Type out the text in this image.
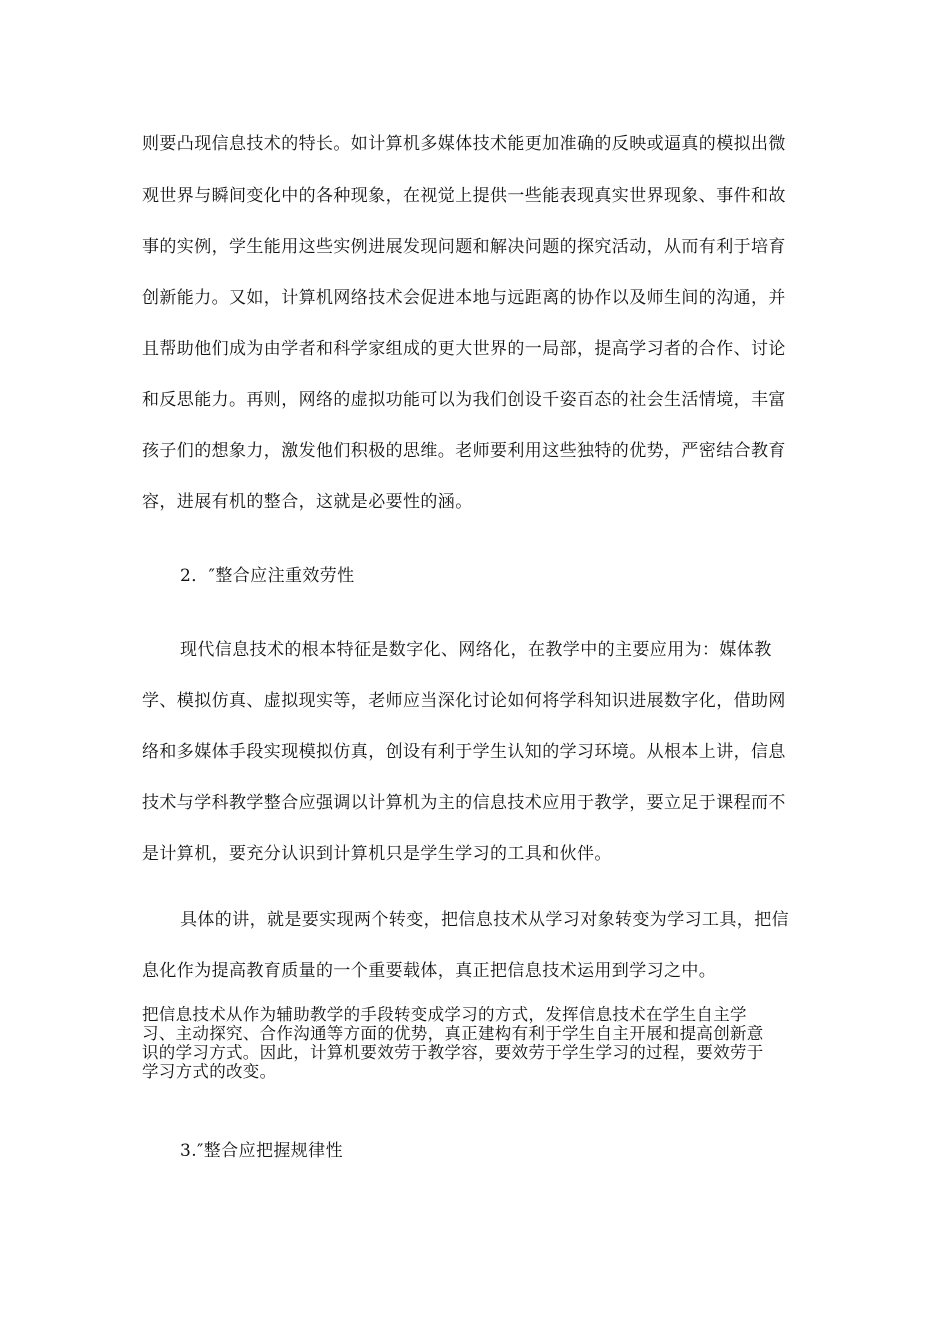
则要凸现信息技术的特长。如计算机多媒体技术能更加准确的反映或逼真的模拟出微
观世界与瞬间变化中的各种现象，在视觉上提供一些能表现真实世界现象、事件和故
事的实例，学生能用这些实例进展发现问题和解决问题的探究活动，从而有利于培育
创新能力。又如，计算机网络技术会促进本地与远距离的协作以及师生间的沟通，并
且帮助他们成为由学者和科学家组成的更大世界的一局部，提高学习者的合作、讨论
和反思能力。再则，网络的虚拟功能可以为我们创设千姿百态的社会生活情境，丰富
孩子们的想象力，激发他们积极的思维。老师要利用这些独特的优势，严密结合教育
容，进展有机的整合，这就是必要性的涵。
2．″整合应注重效劳性
现代信息技术的根本特征是数字化、网络化，在教学中的主要应用为：媒体教
学、模拟仿真、虚拟现实等，老师应当深化讨论如何将学科知识进展数字化，借助网
络和多媒体手段实现模拟仿真，创设有利于学生认知的学习环境。从根本上讲，信息
技术与学科教学整合应强调以计算机为主的信息技术应用于教学，要立足于课程而不
是计算机，要充分认识到计算机只是学生学习的工具和伙伴。
具体的讲，就是要实现两个转变，把信息技术从学习对象转变为学习工具，把信
息化作为提高教育质量的一个重要载体，真正把信息技术运用到学习之中。
把信息技术从作为辅助教学的手段转变成学习的方式，发挥信息技术在学生自主学
习、主动探究、合作沟通等方面的优势，真正建构有利于学生自主开展和提高创新意
识的学习方式。因此，计算机要效劳于教学容，要效劳于学生学习的过程，要效劳于
学习方式的改变。
3.″整合应把握规律性
